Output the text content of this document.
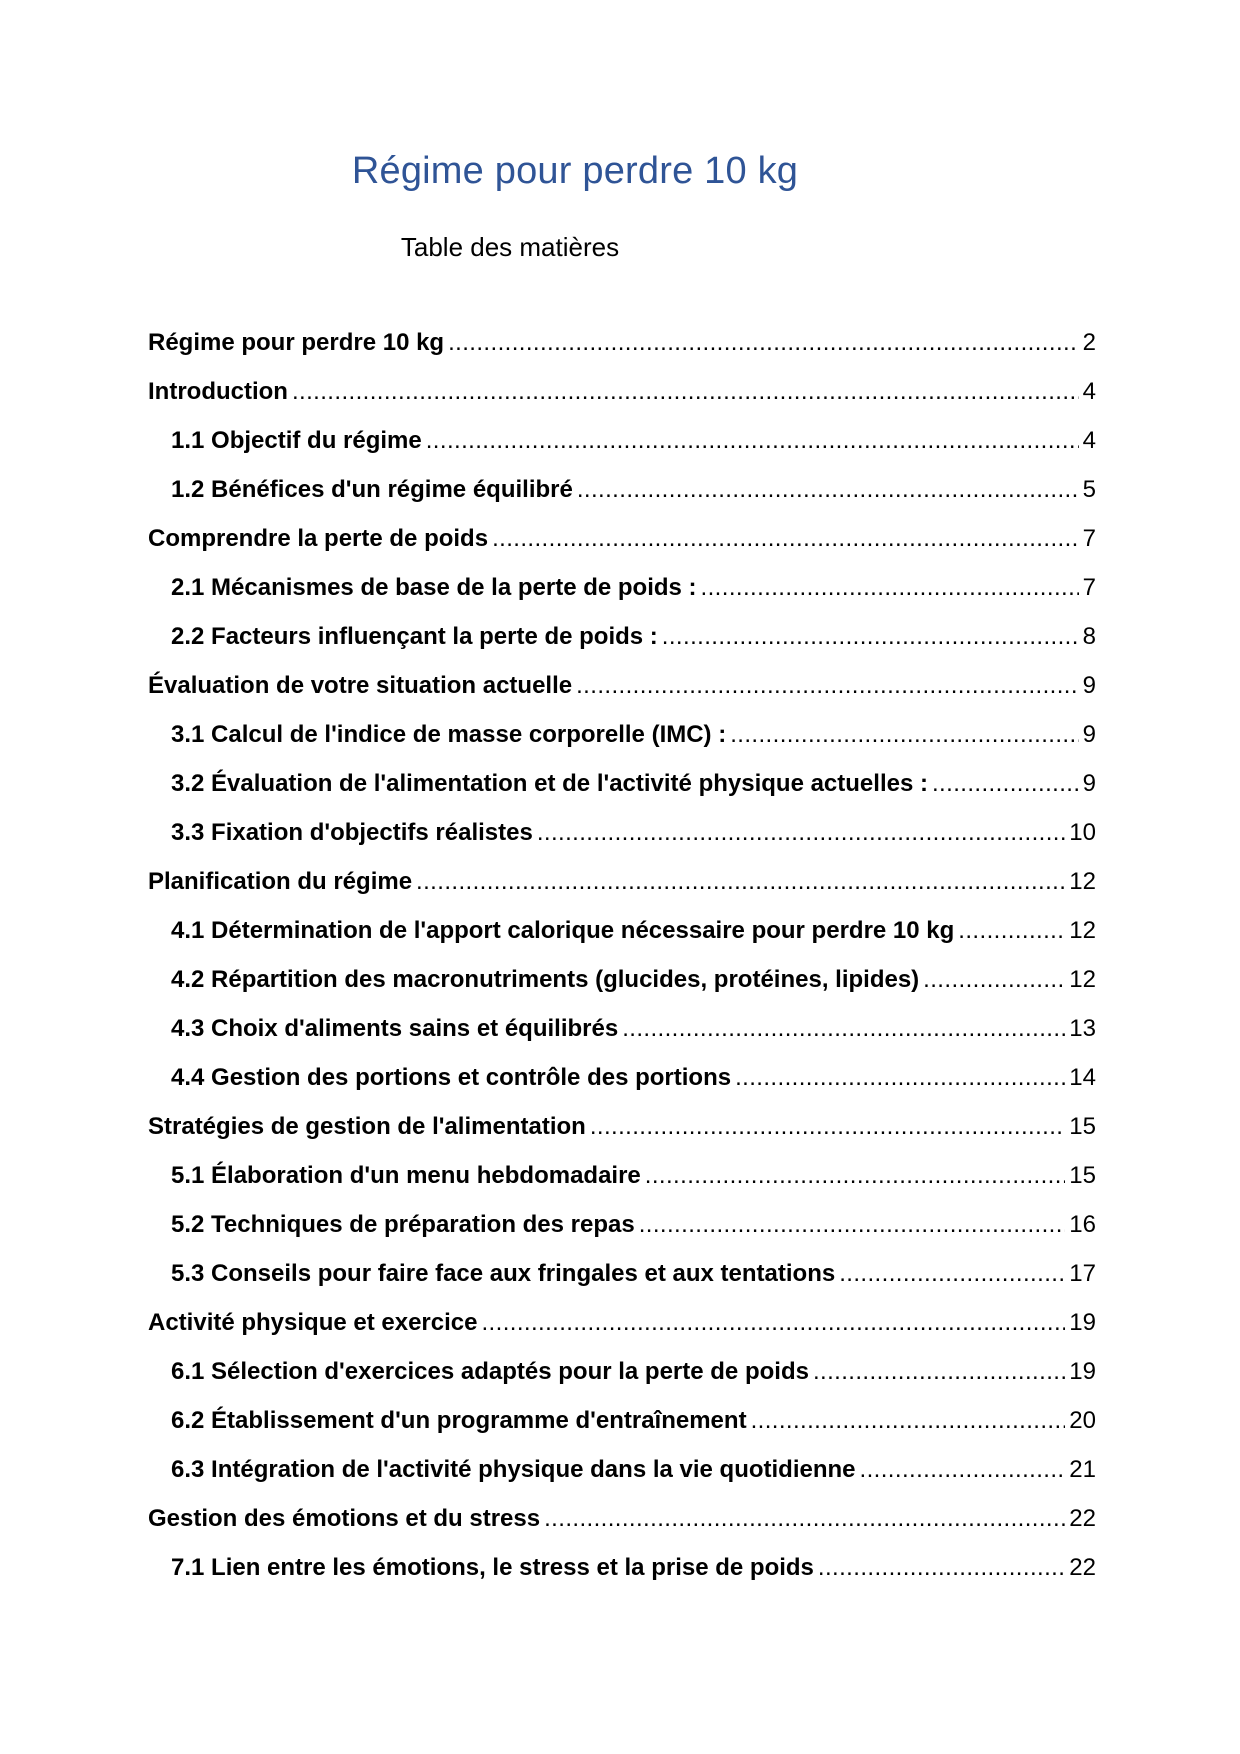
Régime pour perdre 10 kg
Table des matières
Régime pour perdre 10 kg .....	2
Introduction .....	4
1.1 Objectif du régime .....	4
1.2 Bénéfices d'un régime équilibré .....	5
Comprendre la perte de poids .....	7
2.1 Mécanismes de base de la perte de poids : .....	7
2.2 Facteurs influençant la perte de poids : .....	8
Évaluation de votre situation actuelle .....	9
3.1 Calcul de l'indice de masse corporelle (IMC) : .....	9
3.2 Évaluation de l'alimentation et de l'activité physique actuelles : .....	9
3.3 Fixation d'objectifs réalistes .....	10
Planification du régime .....	12
4.1 Détermination de l'apport calorique nécessaire pour perdre 10 kg .....	12
4.2 Répartition des macronutriments (glucides, protéines, lipides) .....	12
4.3 Choix d'aliments sains et équilibrés .....	13
4.4 Gestion des portions et contrôle des portions .....	14
Stratégies de gestion de l'alimentation .....	15
5.1 Élaboration d'un menu hebdomadaire .....	15
5.2 Techniques de préparation des repas .....	16
5.3 Conseils pour faire face aux fringales et aux tentations .....	17
Activité physique et exercice .....	19
6.1 Sélection d'exercices adaptés pour la perte de poids .....	19
6.2 Établissement d'un programme d'entraînement .....	20
6.3 Intégration de l'activité physique dans la vie quotidienne .....	21
Gestion des émotions et du stress .....	22
7.1 Lien entre les émotions, le stress et la prise de poids .....	22
